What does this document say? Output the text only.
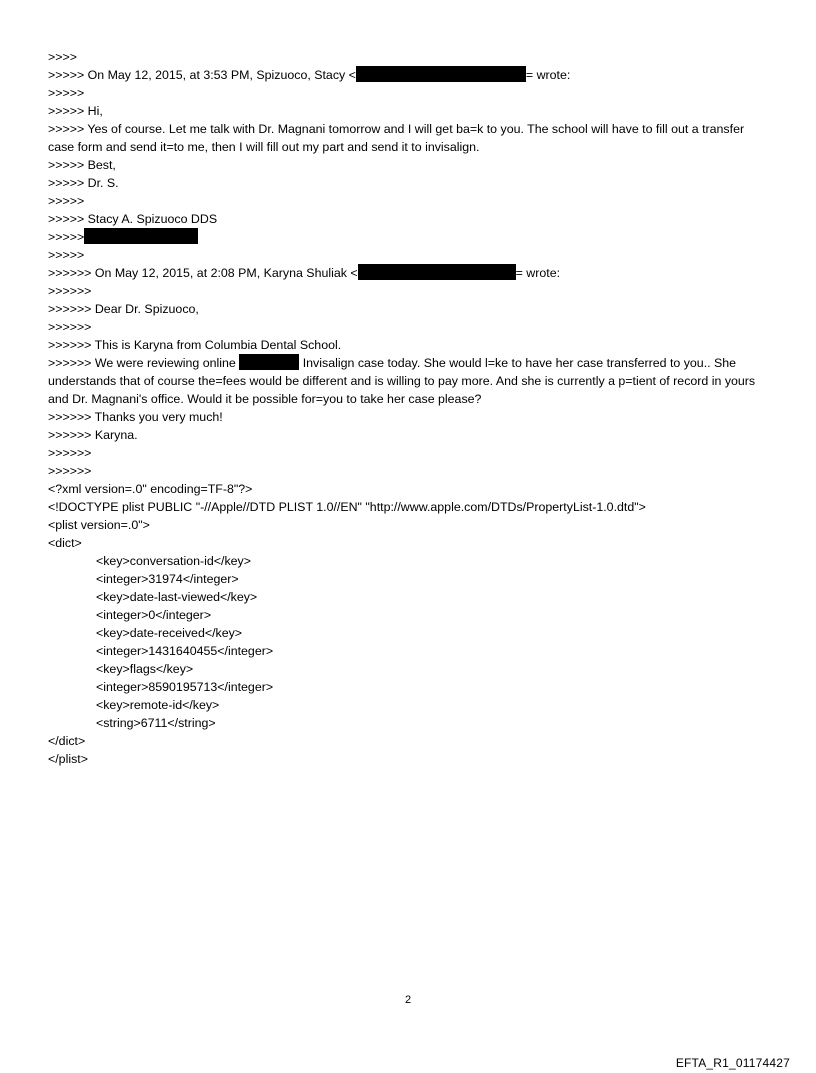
>>>>

>>>>> On May 12, 2015, at 3:53 PM, Spizuoco, Stacy <	= wrote:

>>>>>

>>>>> Hi,

>>>>> Yes of course. Let me talk with Dr. Magnani tomorrow and I will get ba=k to you. The school will have to fill out a transfer case form and send it=to me, then I will fill out my part and send it to invisalign.

>>>>> Best,

>>>>> Dr. S.

>>>>>

>>>>> Stacy A. Spizuoco DDS

>>>>>

>>>>>

>>>>>> On May 12, 2015, at 2:08 PM, Karyna Shuliak <	= wrote:

>>>>>>

>>>>>> Dear Dr. Spizuoco,

>>>>>>

>>>>>> This is Karyna from Columbia Dental School.

>>>>>> We were reviewing online	Invisalign case today. She would l=ke to have her case transferred to you.. She understands that of course the=fees would be different and is willing to pay more. And she is currently a p=tient of record in yours and Dr. Magnani's office. Would it be possible for=you to take her case please?

>>>>>> Thanks you very much!

>>>>>> Karyna.

>>>>>>

>>>>>>

<?xml version=.0" encoding=TF-8"?>

<!DOCTYPE plist PUBLIC "-//Apple//DTD PLIST 1.0//EN" "http://www.apple.com/DTDs/PropertyList-1.0.dtd">

<plist version=.0">

<dict>

<key>conversation-id</key>

<integer>31974</integer>

<key>date-last-viewed</key>

<integer>0</integer>

<key>date-received</key>

<integer>1431640455</integer>

<key>flags</key>

<integer>8590195713</integer>

<key>remote-id</key>

<string>6711</string>

</dict>

</plist>

2
EFTA_R1_01174427
